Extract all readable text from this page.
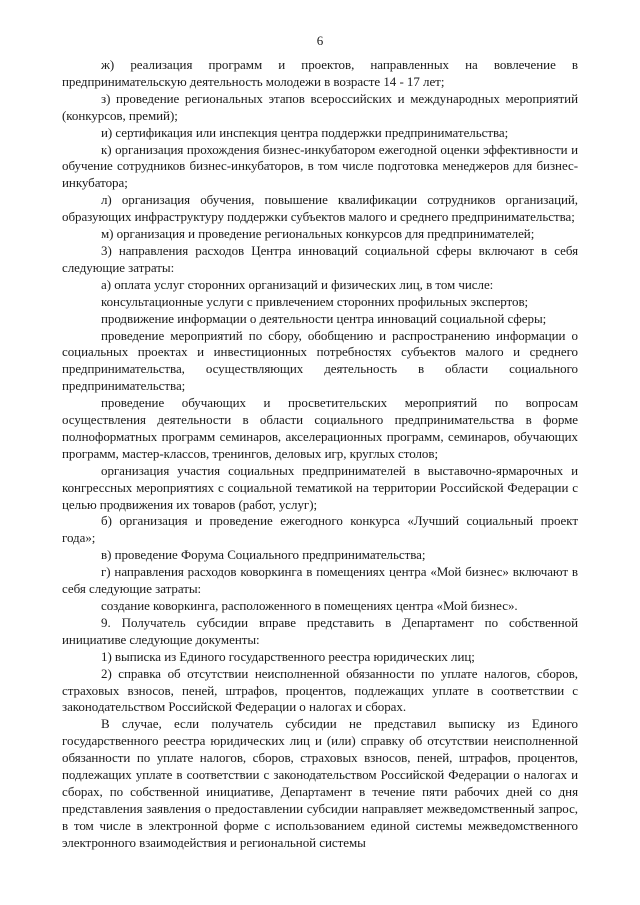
6

ж) реализация программ и проектов, направленных на вовлечение в предпринимательскую деятельность молодежи в возрасте 14 - 17 лет;

з) проведение региональных этапов всероссийских и международных мероприятий (конкурсов, премий);

и) сертификация или инспекция центра поддержки предпринимательства;

к) организация прохождения бизнес-инкубатором ежегодной оценки эффективности и обучение сотрудников бизнес-инкубаторов, в том числе подготовка менеджеров для бизнес-инкубатора;

л) организация обучения, повышение квалификации сотрудников организаций, образующих инфраструктуру поддержки субъектов малого и среднего предпринимательства;

м) организация и проведение региональных конкурсов для предпринимателей;

3) направления расходов Центра инноваций социальной сферы включают в себя следующие затраты:

а) оплата услуг сторонних организаций и физических лиц, в том числе:

консультационные услуги с привлечением сторонних профильных экспертов;

продвижение информации о деятельности центра инноваций социальной сферы;

проведение мероприятий по сбору, обобщению и распространению информации о социальных проектах и инвестиционных потребностях субъектов малого и среднего предпринимательства, осуществляющих деятельность в области социального предпринимательства;

проведение обучающих и просветительских мероприятий по вопросам осуществления деятельности в области социального предпринимательства в форме полноформатных программ семинаров, акселерационных программ, семинаров, обучающих программ, мастер-классов, тренингов, деловых игр, круглых столов;

организация участия социальных предпринимателей в выставочно-ярмарочных и конгрессных мероприятиях с социальной тематикой на территории Российской Федерации с целью продвижения их товаров (работ, услуг);

б) организация и проведение ежегодного конкурса «Лучший социальный проект года»;

в) проведение Форума Социального предпринимательства;

г) направления расходов коворкинга в помещениях центра «Мой бизнес» включают в себя следующие затраты:

создание коворкинга, расположенного в помещениях центра «Мой бизнес».

9. Получатель субсидии вправе представить в Департамент по собственной инициативе следующие документы:

1) выписка из Единого государственного реестра юридических лиц;

2) справка об отсутствии неисполненной обязанности по уплате налогов, сборов, страховых взносов, пеней, штрафов, процентов, подлежащих уплате в соответствии с законодательством Российской Федерации о налогах и сборах.

В случае, если получатель субсидии не представил выписку из Единого государственного реестра юридических лиц и (или) справку об отсутствии неисполненной обязанности по уплате налогов, сборов, страховых взносов, пеней, штрафов, процентов, подлежащих уплате в соответствии с законодательством Российской Федерации о налогах и сборах, по собственной инициативе, Департамент в течение пяти рабочих дней со дня представления заявления о предоставлении субсидии направляет межведомственный запрос, в том числе в электронной форме с использованием единой системы межведомственного электронного взаимодействия и региональной системы
